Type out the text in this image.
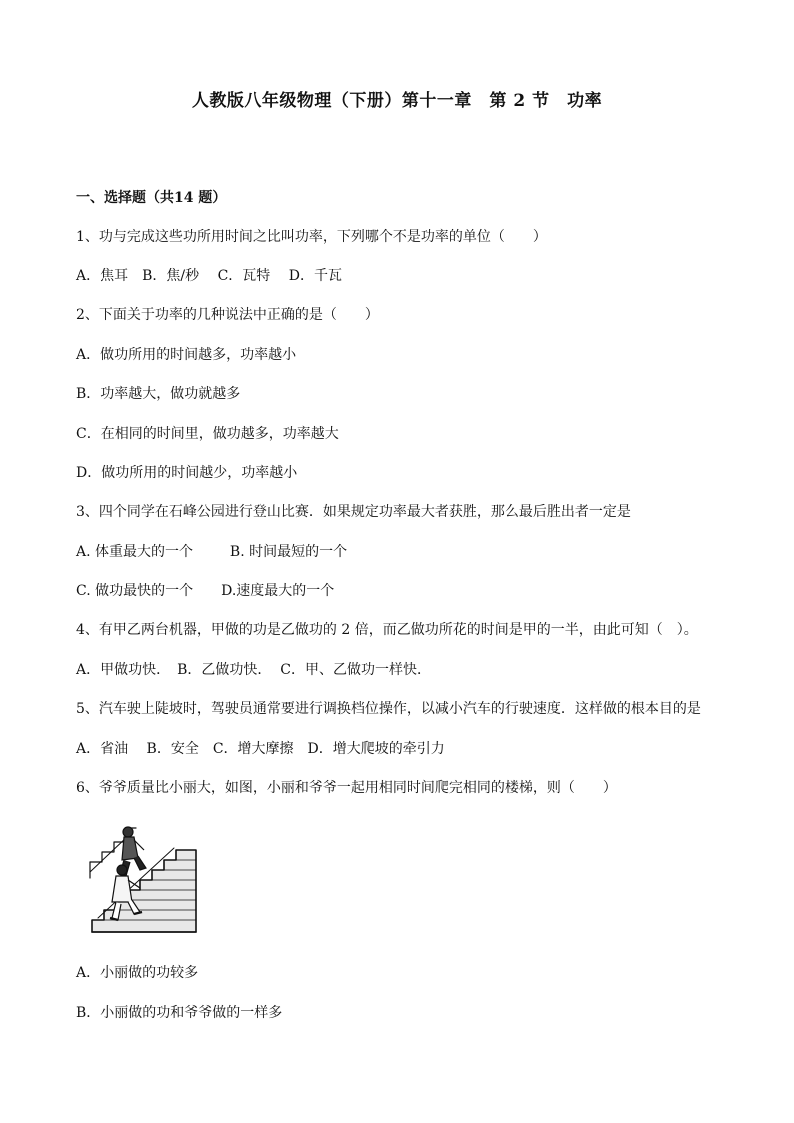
人教版八年级物理（下册）第十一章　第 2 节　功率
一、选择题（共14 题）
1、功与完成这些功所用时间之比叫功率，下列哪个不是功率的单位（　　）
A．焦耳　B．焦/秒　 C．瓦特　 D．千瓦
2、下面关于功率的几种说法中正确的是（　　）
A．做功所用的时间越多，功率越小
B．功率越大，做功就越多
C．在相同的时间里，做功越多，功率越大
D．做功所用的时间越少，功率越小
3、四个同学在石峰公园进行登山比赛．如果规定功率最大者获胜，那么最后胜出者一定是
A. 体重最大的一个　　  B. 时间最短的一个
C. 做功最快的一个　　D.速度最大的一个
4、有甲乙两台机器，甲做的功是乙做功的 2 倍，而乙做功所花的时间是甲的一半，由此可知（　）。
A．甲做功快．　B．乙做功快．  C．甲、乙做功一样快．
5、汽车驶上陡坡时，驾驶员通常要进行调换档位操作，以减小汽车的行驶速度．这样做的根本目的是
A．省油　 B．安全　C．增大摩擦　D．增大爬坡的牵引力
6、爷爷质量比小丽大，如图，小丽和爷爷一起用相同时间爬完相同的楼梯，则（　　）
A．小丽做的功较多
B．小丽做的功和爷爷做的一样多
